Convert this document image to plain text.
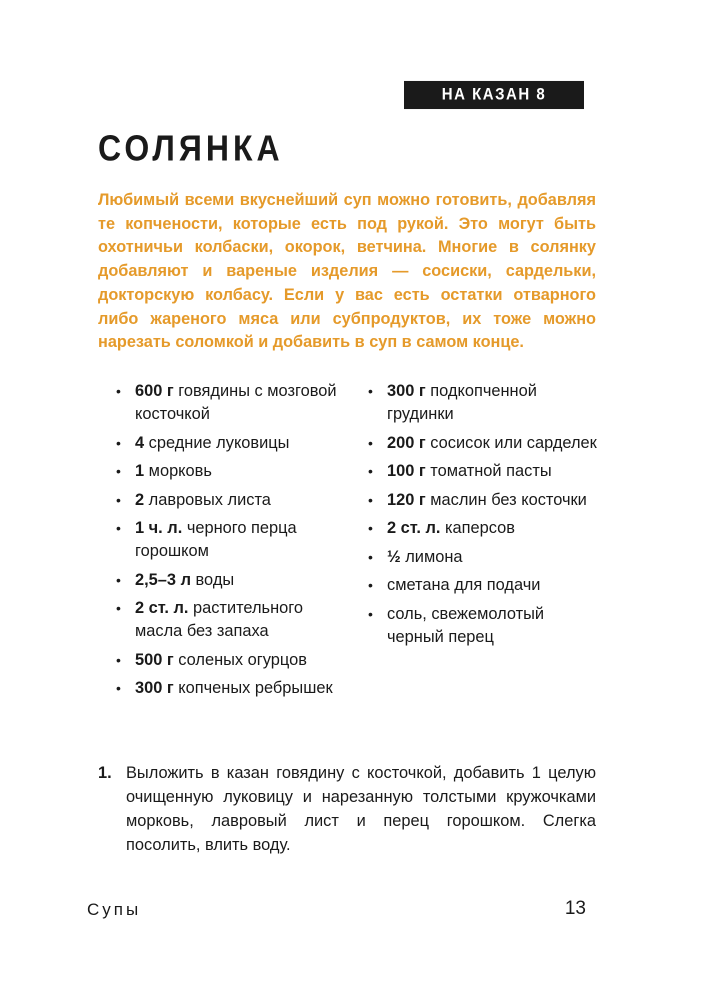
НА КАЗАН 8 ЛИТРОВ
СОЛЯНКА

Любимый всеми вкуснейший суп можно готовить, добавляя те копчености, которые есть под рукой. Это могут быть охотничьи колбаски, окорок, ветчина. Многие в солянку добавляют и вареные изделия — сосиски, сардельки, докторскую колбасу. Если у вас есть остатки отварного либо жареного мяса или субпродуктов, их тоже можно нарезать соломкой и добавить в суп в самом конце.

• 600 г говядины с мозговой косточкой
• 4 средние луковицы
• 1 морковь
• 2 лавровых листа
• 1 ч. л. черного перца горошком
• 2,5–3 л воды
• 2 ст. л. растительного масла без запаха
• 500 г соленых огурцов
• 300 г копченых ребрышек
• 300 г подкопченной грудинки
• 200 г сосисок или сарделек
• 100 г томатной пасты
• 120 г маслин без косточки
• 2 ст. л. каперсов
• ½ лимона
• сметана для подачи
• соль, свежемолотый черный перец
1. Выложить в казан говядину с косточкой, добавить 1 целую очищенную луковицу и нарезанную толстыми кружочками морковь, лавровый лист и перец горошком. Слегка посолить, влить воду.
Супы	13
